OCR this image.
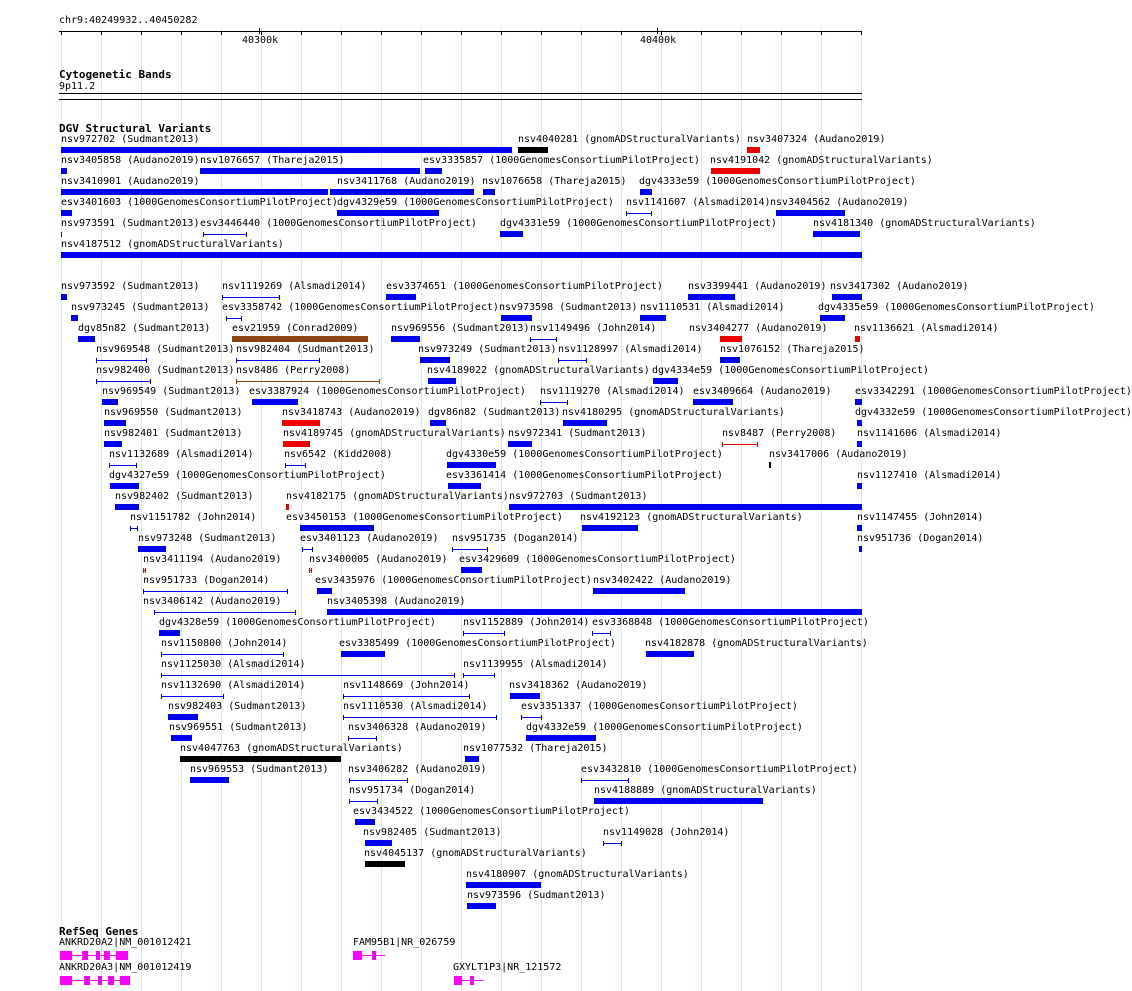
chr9:40249932..40450282
40300k	40400k
Cytogenetic Bands
9p11.2
DGV Structural Variants
nsv972702 (Sudmant2013)	nsv4040281 (gnomADStructuralVariants) nsv3407324 (Audano2019)
nsv3405858 (Audano2019) nsv1076657 (Thareja2015)	esv3335857 (1000GenomesConsortiumPilotProject) nsv4191042 (gnomADStructuralVariants)
nsv3410901 (Audano2019)	nsv3411768 (Audano2019) nsv1076658 (Thareja2015) dgv4333e59 (1000GenomesConsortiumPilotProject)
esv3401603 (1000GenomesConsortiumPilotProject) dgv4329e59 (1000GenomesConsortiumPilotProject) nsv1141607 (Alsmadi2014) nsv3404562 (Audano2019)
nsv973591 (Sudmant2013) esv3446440 (1000GenomesConsortiumPilotProject) dgv4331e59 (1000GenomesConsortiumPilotProject)	nsv4181340 (gnomADStructuralVariants)
nsv4187512 (gnomADStructuralVariants)
nsv973592 (Sudmant2013) nsv1119269 (Alsmadi2014) esv3374651 (1000GenomesConsortiumPilotProject)	nsv3399441 (Audano2019) nsv3417302 (Audano2019)
nsv973245 (Sudmant2013) esv3358742 (1000GenomesConsortiumPilotProject) nsv973598 (Sudmant2013) nsv1110531 (Alsmadi2014)	dgv4335e59 (1000GenomesConsortiumPilotProject)
dgv85n82 (Sudmant2013) esv21959 (Conrad2009)	nsv969556 (Sudmant2013) nsv1149496 (John2014)	nsv3404277 (Audano2019)	nsv1136621 (Alsmadi2014)
nsv969548 (Sudmant2013) nsv982404 (Sudmant2013)	nsv973249 (Sudmant2013) nsv1128997 (Alsmadi2014) nsv1076152 (Thareja2015)
nsv982400 (Sudmant2013) nsv8486 (Perry2008)	nsv4189022 (gnomADStructuralVariants) dgv4334e59 (1000GenomesConsortiumPilotProject)
nsv969549 (Sudmant2013) esv3387924 (1000GenomesConsortiumPilotProject) nsv1119270 (Alsmadi2014) esv3409664 (Audano2019) esv3342291 (1000GenomesConsortiumPilotProject)
nsv969550 (Sudmant2013)	nsv3418743 (Audano2019) dgv86n82 (Sudmant2013) nsv4180295 (gnomADStructuralVariants)	dgv4332e59 (1000GenomesConsortiumPilotProject)
nsv982401 (Sudmant2013)	nsv4189745 (gnomADStructuralVariants) nsv972341 (Sudmant2013)	nsv8487 (Perry2008) nsv1141606 (Alsmadi2014)
nsv1132689 (Alsmadi2014)	nsv6542 (Kidd2008)	dgv4330e59 (1000GenomesConsortiumPilotProject)	nsv3417006 (Audano2019)
dgv4327e59 (1000GenomesConsortiumPilotProject)	esv3361414 (1000GenomesConsortiumPilotProject)	nsv1127410 (Alsmadi2014)
nsv982402 (Sudmant2013)	nsv4182175 (gnomADStructuralVariants) nsv972703 (Sudmant2013)
nsv1151782 (John2014)	esv3450153 (1000GenomesConsortiumPilotProject) nsv4192123 (gnomADStructuralVariants)	nsv1147455 (John2014)
nsv973248 (Sudmant2013) esv3401123 (Audano2019) nsv951735 (Dogan2014)	nsv951736 (Dogan2014)
nsv3411194 (Audano2019)	nsv3400005 (Audano2019) esv3429609 (1000GenomesConsortiumPilotProject)
nsv951733 (Dogan2014)	esv3435976 (1000GenomesConsortiumPilotProject) nsv3402422 (Audano2019)
nsv3406142 (Audano2019)	nsv3405398 (Audano2019)
dgv4328e59 (1000GenomesConsortiumPilotProject)	nsv1152889 (John2014) esv3368848 (1000GenomesConsortiumPilotProject)
nsv1150800 (John2014)	esv3385499 (1000GenomesConsortiumPilotProject)	nsv4182878 (gnomADStructuralVariants)
nsv1125030 (Alsmadi2014)	nsv1139955 (Alsmadi2014)
nsv1132690 (Alsmadi2014)	nsv1148669 (John2014)	nsv3418362 (Audano2019)
nsv982403 (Sudmant2013)	nsv1110530 (Alsmadi2014)	esv3351337 (1000GenomesConsortiumPilotProject)
nsv969551 (Sudmant2013)	nsv3406328 (Audano2019)	dgv4332e59 (1000GenomesConsortiumPilotProject)
nsv4047763 (gnomADStructuralVariants)	nsv1077532 (Thareja2015)
nsv969553 (Sudmant2013) nsv3406282 (Audano2019)	esv3432810 (1000GenomesConsortiumPilotProject)
nsv951734 (Dogan2014)	nsv4188889 (gnomADStructuralVariants)
esv3434522 (1000GenomesConsortiumPilotProject)
nsv982405 (Sudmant2013)	nsv1149028 (John2014)
nsv4045137 (gnomADStructuralVariants)
nsv4180907 (gnomADStructuralVariants)
nsv973596 (Sudmant2013)
RefSeq Genes
ANKRD20A2|NM_001012421	FAM95B1|NR_026759
ANKRD20A3|NM_001012419	GXYLT1P3|NR_121572
